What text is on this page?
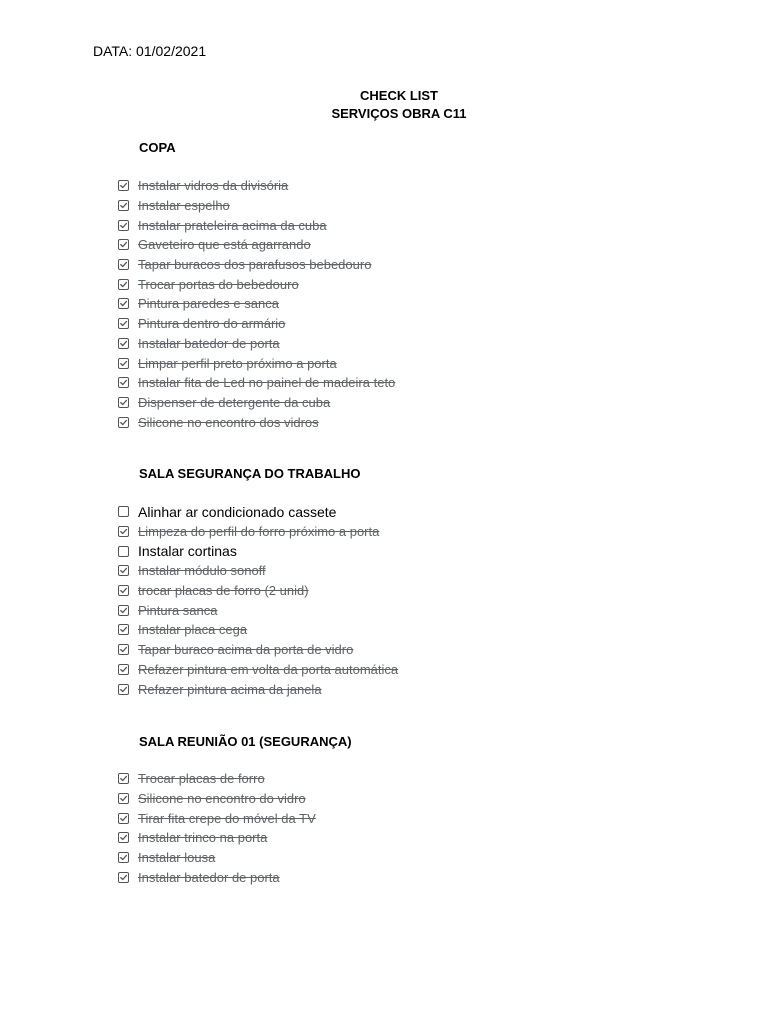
DATA: 01/02/2021
CHECK LIST
SERVIÇOS OBRA C11
COPA
Instalar vidros da divisória
Instalar espelho
Instalar prateleira acima da cuba
Gaveteiro que está agarrando
Tapar buracos dos parafusos bebedouro
Trocar portas do bebedouro
Pintura paredes e sanca
Pintura dentro do armário
Instalar batedor de porta
Limpar perfil preto próximo a porta
Instalar fita de Led no painel de madeira teto
Dispenser de detergente da cuba
Silicone no encontro dos vidros
SALA SEGURANÇA DO TRABALHO
Alinhar ar condicionado cassete
Limpeza do perfil do forro próximo a porta
Instalar cortinas
Instalar módulo sonoff
trocar placas de forro (2 unid)
Pintura sanca
Instalar placa cega
Tapar buraco acima da porta de vidro
Refazer pintura em volta da porta automática
Refazer pintura acima da janela
SALA REUNIÃO 01 (SEGURANÇA)
Trocar placas de forro
Silicone no encontro do vidro
Tirar fita crepe do móvel da TV
Instalar trinco na porta
Instalar lousa
Instalar batedor de porta
